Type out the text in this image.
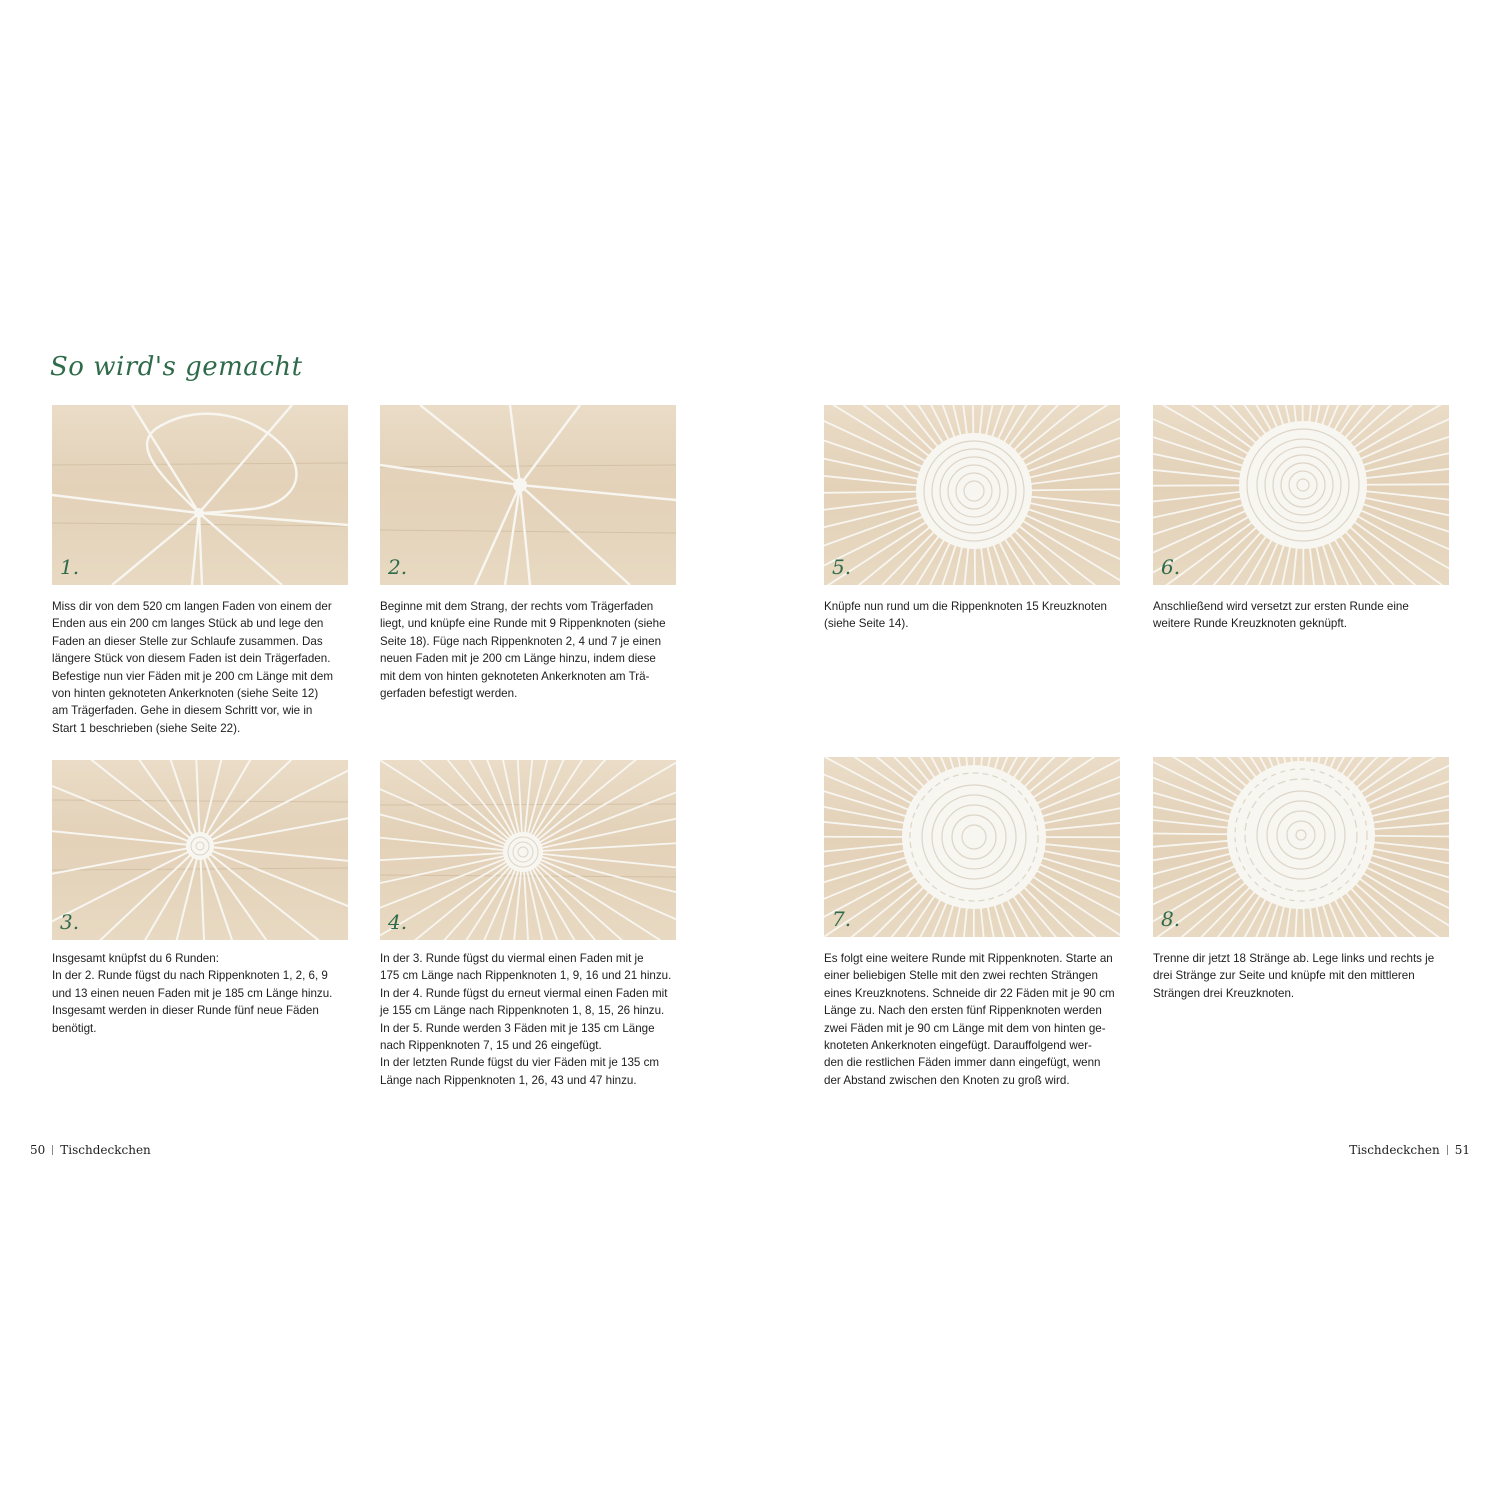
So wird's gemacht
1.

Miss dir von dem 520 cm langen Faden von einem der
Enden aus ein 200 cm langes Stück ab und lege den
Faden an dieser Stelle zur Schlaufe zusammen. Das
längere Stück von diesem Faden ist dein Trägerfaden.
Befestige nun vier Fäden mit je 200 cm Länge mit dem
von hinten geknoteten Ankerknoten (siehe Seite 12)
am Trägerfaden. Gehe in diesem Schritt vor, wie in
Start 1 beschrieben (siehe Seite 22).

2.

Beginne mit dem Strang, der rechts vom Trägerfaden
liegt, und knüpfe eine Runde mit 9 Rippenknoten (siehe
Seite 18). Füge nach Rippenknoten 2, 4 und 7 je einen
neuen Faden mit je 200 cm Länge hinzu, indem diese
mit dem von hinten geknoteten Ankerknoten am Trä-
gerfaden befestigt werden.

3.

Insgesamt knüpfst du 6 Runden:
In der 2. Runde fügst du nach Rippenknoten 1, 2, 6, 9
und 13 einen neuen Faden mit je 185 cm Länge hinzu.
Insgesamt werden in dieser Runde fünf neue Fäden
benötigt.

4.

In der 3. Runde fügst du viermal einen Faden mit je
175 cm Länge nach Rippenknoten 1, 9, 16 und 21 hinzu.
In der 4. Runde fügst du erneut viermal einen Faden mit
je 155 cm Länge nach Rippenknoten 1, 8, 15, 26 hinzu.
In der 5. Runde werden 3 Fäden mit je 135 cm Länge
nach Rippenknoten 7, 15 und 26 eingefügt.
In der letzten Runde fügst du vier Fäden mit je 135 cm
Länge nach Rippenknoten 1, 26, 43 und 47 hinzu.

5.

Knüpfe nun rund um die Rippenknoten 15 Kreuzknoten
(siehe Seite 14).

6.

Anschließend wird versetzt zur ersten Runde eine
weitere Runde Kreuzknoten geknüpft.

7.

Es folgt eine weitere Runde mit Rippenknoten. Starte an
einer beliebigen Stelle mit den zwei rechten Strängen
eines Kreuzknotens. Schneide dir 22 Fäden mit je 90 cm
Länge zu. Nach den ersten fünf Rippenknoten werden
zwei Fäden mit je 90 cm Länge mit dem von hinten ge-
knoteten Ankerknoten eingefügt. Darauffolgend wer-
den die restlichen Fäden immer dann eingefügt, wenn
der Abstand zwischen den Knoten zu groß wird.

8.

Trenne dir jetzt 18 Stränge ab. Lege links und rechts je
drei Stränge zur Seite und knüpfe mit den mittleren
Strängen drei Kreuzknoten.

50 Tischdeckchen	Tischdeckchen 51
